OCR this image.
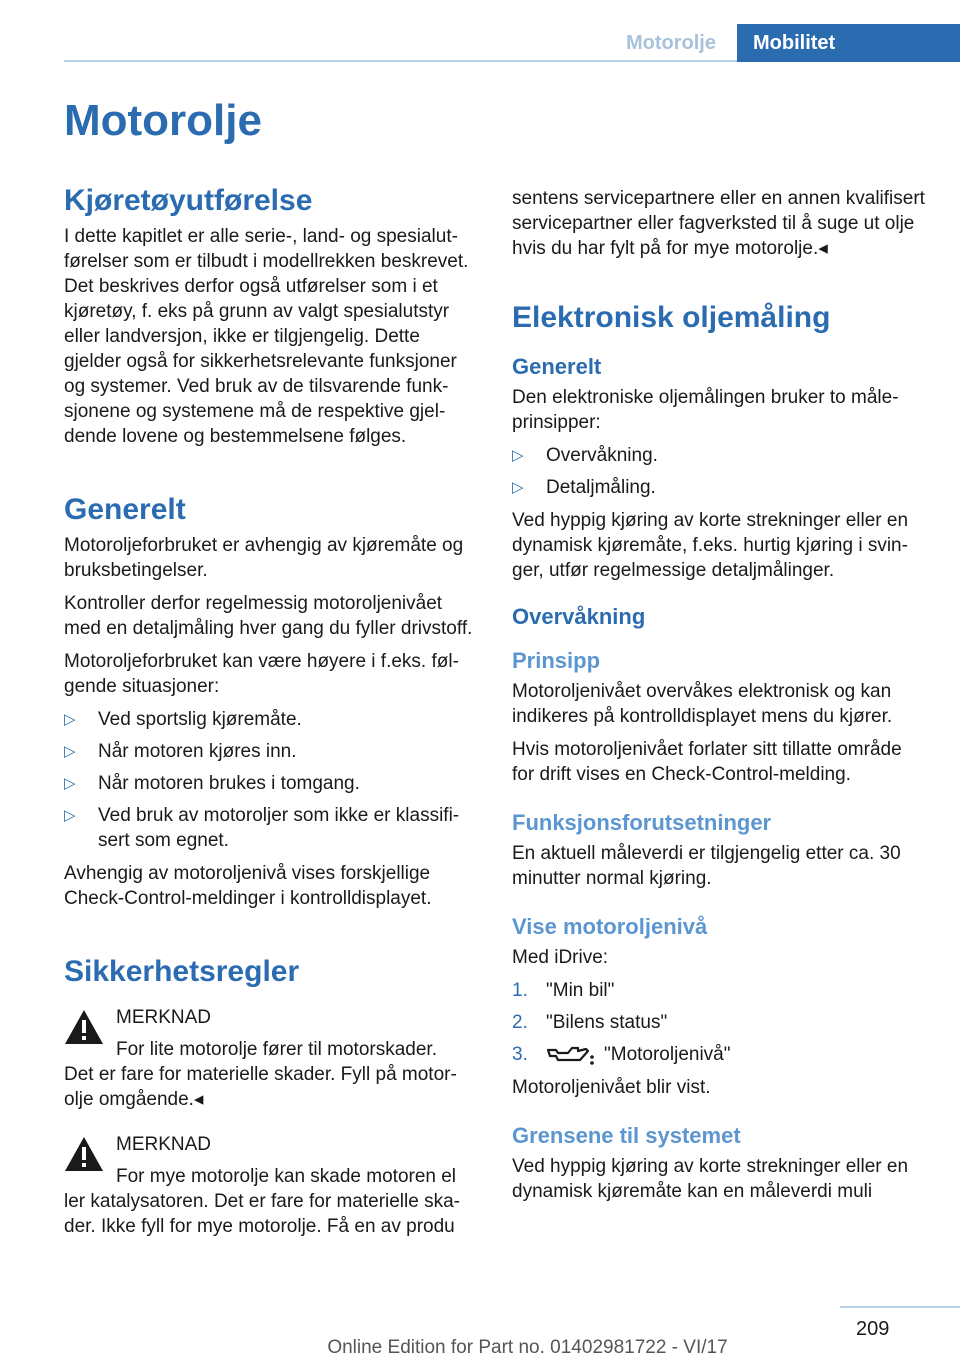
Motorolje	Mobilitet
Motorolje
Kjøretøyutførelse

I dette kapitlet er alle serie-, land- og spesialutførelser som er tilbudt i modellrekken beskrevet. Det beskrives derfor også utførelser som i et kjøretøy, f. eks på grunn av valgt spesialutstyr eller landversjon, ikke er tilgjengelig. Dette gjelder også for sikkerhetsrelevante funksjoner og systemer. Ved bruk av de tilsvarende funksjonene og systemene må de respektive gjeldende lovene og bestemmelsene følges.

Generelt

Motoroljeforbruket er avhengig av kjøremåte og bruksbetingelser.

Kontroller derfor regelmessig motoroljenivået med en detaljmåling hver gang du fyller drivstoff.

Motoroljeforbruket kan være høyere i f.eks. følgende situasjoner:

▷ Ved sportslig kjøremåte.
▷ Når motoren kjøres inn.
▷ Når motoren brukes i tomgang.
▷ Ved bruk av motoroljer som ikke er klassifisert som egnet.

Avhengig av motoroljenivå vises forskjellige Check-Control-meldinger i kontrolldisplayet.

Sikkerhetsregler
MERKNAD
For lite motorolje fører til motorskader.
Det er fare for materielle skader. Fyll på motorolje omgående.◂
MERKNAD
For mye motorolje kan skade motoren el
ler katalysatoren. Det er fare for materielle skader. Ikke fyll for mye motorolje. Få en av produ

sentens servicepartnere eller en annen kvalifisert servicepartner eller fagverksted til å suge ut olje hvis du har fylt på for mye motorolje.◂

Elektronisk oljemåling
Generelt

Den elektroniske oljemålingen bruker to måleprinsipper:

▷ Overvåkning.
▷ Detaljmåling.

Ved hyppig kjøring av korte strekninger eller en dynamisk kjøremåte, f.eks. hurtig kjøring i svinger, utfør regelmessige detaljmålinger.

Overvåkning
Prinsipp

Motoroljenivået overvåkes elektronisk og kan indikeres på kontrolldisplayet mens du kjører.

Hvis motoroljenivået forlater sitt tillatte område for drift vises en Check-Control-melding.

Funksjonsforutsetninger

En aktuell måleverdi er tilgjengelig etter ca. 30 minutter normal kjøring.

Vise motoroljenivå

Med iDrive:

1. "Min bil"
2. "Bilens status"
3.	"Motoroljenivå"

Motoroljenivået blir vist.

Grensene til systemet

Ved hyppig kjøring av korte strekninger eller en dynamisk kjøremåte kan en måleverdi muli

209
Online Edition for Part no. 01402981722 - VI/17
